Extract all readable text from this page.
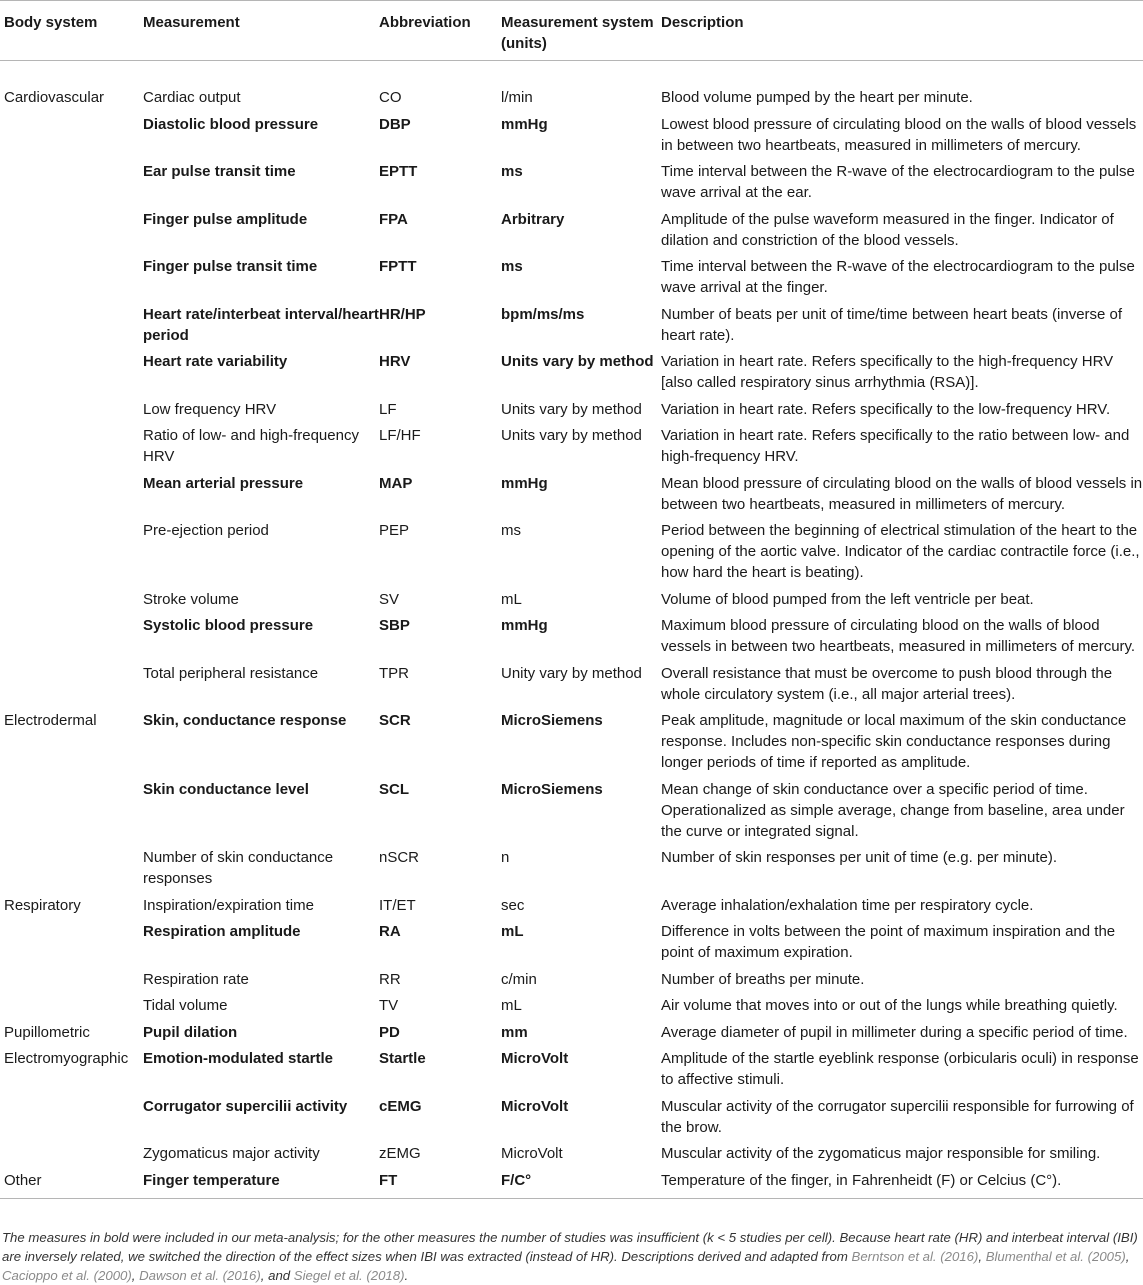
Body system	Measurement	Abbreviation	Measurement system (units)	Description
Cardiovascular	Cardiac output	CO	l/min	Blood volume pumped by the heart per minute.
	Diastolic blood pressure	DBP	mmHg	Lowest blood pressure of circulating blood on the walls of blood vessels in between two heartbeats, measured in millimeters of mercury.
	Ear pulse transit time	EPTT	ms	Time interval between the R-wave of the electrocardiogram to the pulse wave arrival at the ear.
	Finger pulse amplitude	FPA	Arbitrary	Amplitude of the pulse waveform measured in the finger. Indicator of dilation and constriction of the blood vessels.
	Finger pulse transit time	FPTT	ms	Time interval between the R-wave of the electrocardiogram to the pulse wave arrival at the finger.
	Heart rate/interbeat interval/heart period	HR/HP	bpm/ms/ms	Number of beats per unit of time/time between heart beats (inverse of heart rate).
	Heart rate variability	HRV	Units vary by method	Variation in heart rate. Refers specifically to the high-frequency HRV [also called respiratory sinus arrhythmia (RSA)].
	Low frequency HRV	LF	Units vary by method	Variation in heart rate. Refers specifically to the low-frequency HRV.
	Ratio of low- and high-frequency HRV	LF/HF	Units vary by method	Variation in heart rate. Refers specifically to the ratio between low- and high-frequency HRV.
	Mean arterial pressure	MAP	mmHg	Mean blood pressure of circulating blood on the walls of blood vessels in between two heartbeats, measured in millimeters of mercury.
	Pre-ejection period	PEP	ms	Period between the beginning of electrical stimulation of the heart to the opening of the aortic valve. Indicator of the cardiac contractile force (i.e., how hard the heart is beating).
	Stroke volume	SV	mL	Volume of blood pumped from the left ventricle per beat.
	Systolic blood pressure	SBP	mmHg	Maximum blood pressure of circulating blood on the walls of blood vessels in between two heartbeats, measured in millimeters of mercury.
	Total peripheral resistance	TPR	Unity vary by method	Overall resistance that must be overcome to push blood through the whole circulatory system (i.e., all major arterial trees).
Electrodermal	Skin, conductance response	SCR	MicroSiemens	Peak amplitude, magnitude or local maximum of the skin conductance response. Includes non-specific skin conductance responses during longer periods of time if reported as amplitude.
	Skin conductance level	SCL	MicroSiemens	Mean change of skin conductance over a specific period of time. Operationalized as simple average, change from baseline, area under the curve or integrated signal.
	Number of skin conductance responses	nSCR	n	Number of skin responses per unit of time (e.g. per minute).
Respiratory	Inspiration/expiration time	IT/ET	sec	Average inhalation/exhalation time per respiratory cycle.
	Respiration amplitude	RA	mL	Difference in volts between the point of maximum inspiration and the point of maximum expiration.
	Respiration rate	RR	c/min	Number of breaths per minute.
	Tidal volume	TV	mL	Air volume that moves into or out of the lungs while breathing quietly.
Pupillometric	Pupil dilation	PD	mm	Average diameter of pupil in millimeter during a specific period of time.
Electromyographic	Emotion-modulated startle	Startle	MicroVolt	Amplitude of the startle eyeblink response (orbicularis oculi) in response to affective stimuli.
	Corrugator supercilii activity	cEMG	MicroVolt	Muscular activity of the corrugator supercilii responsible for furrowing of the brow.
	Zygomaticus major activity	zEMG	MicroVolt	Muscular activity of the zygomaticus major responsible for smiling.
Other	Finger temperature	FT	F/C°	Temperature of the finger, in Fahrenheidt (F) or Celcius (C°).
The measures in bold were included in our meta-analysis; for the other measures the number of studies was insufficient (k < 5 studies per cell). Because heart rate (HR) and interbeat interval (IBI) are inversely related, we switched the direction of the effect sizes when IBI was extracted (instead of HR). Descriptions derived and adapted from Berntson et al. (2016), Blumenthal et al. (2005), Cacioppo et al. (2000), Dawson et al. (2016), and Siegel et al. (2018).
